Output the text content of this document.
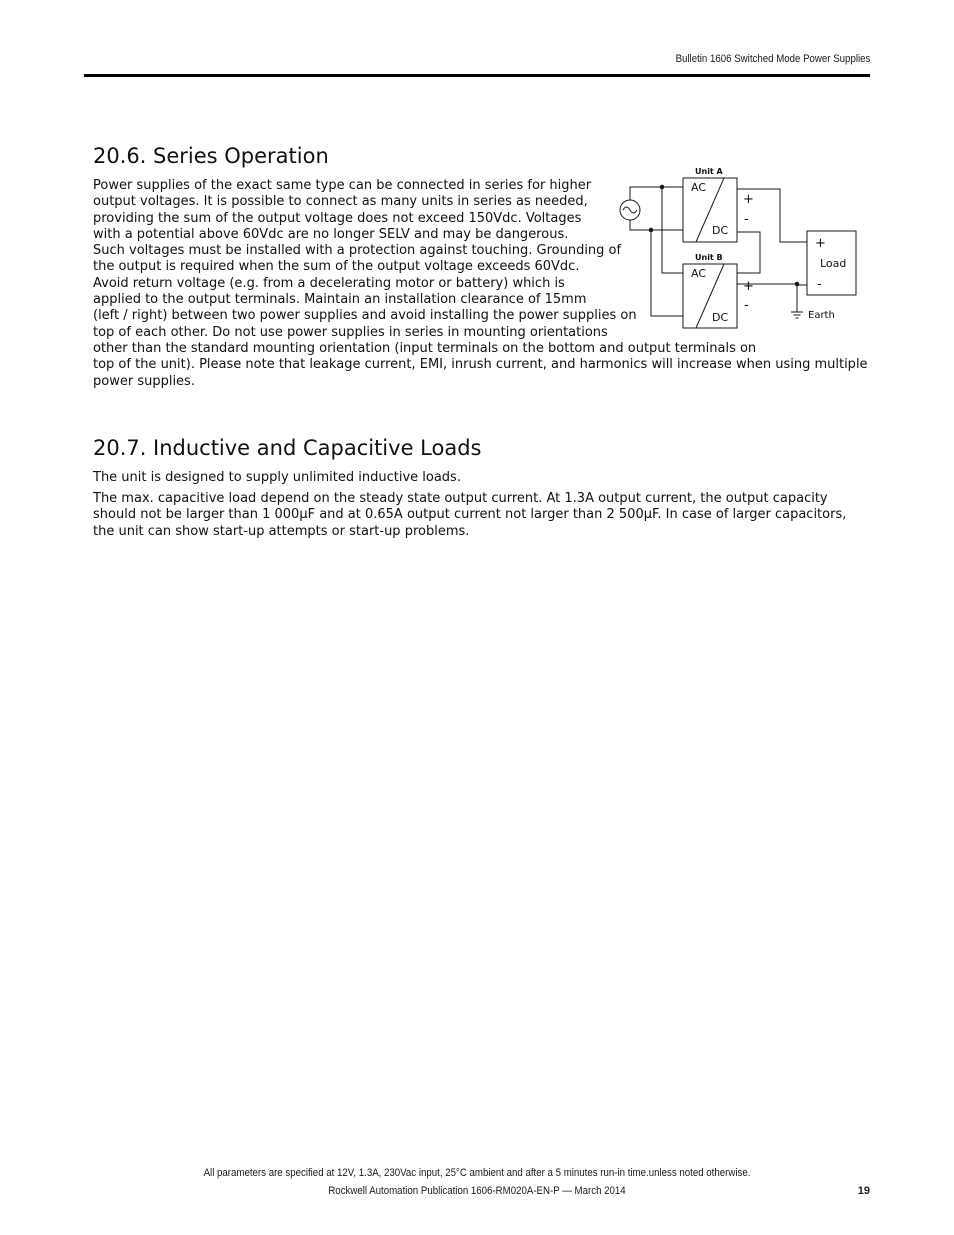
Bulletin 1606 Switched Mode Power Supplies
20.6. Series Operation
Power supplies of the exact same type can be connected in series for higher
output voltages. It is possible to connect as many units in series as needed,
providing the sum of the output voltage does not exceed 150Vdc. Voltages
with a potential above 60Vdc are no longer SELV and may be dangerous.
Such voltages must be installed with a protection against touching. Grounding of
the output is required when the sum of the output voltage exceeds 60Vdc.
Avoid return voltage (e.g. from a decelerating motor or battery) which is
applied to the output terminals. Maintain an installation clearance of 15mm
(left / right) between two power supplies and avoid installing the power supplies on
top of each other. Do not use power supplies in series in mounting orientations
other than the standard mounting orientation (input terminals on the bottom and output terminals on
top of the unit). Please note that leakage current, EMI, inrush current, and harmonics will increase when using multiple
power supplies.
Unit A
Unit B
AC
DC
AC
DC
+
-
+
-
+
Load
-
Earth
20.7. Inductive and Capacitive Loads
The unit is designed to supply unlimited inductive loads.
The max. capacitive load depend on the steady state output current. At 1.3A output current, the output capacity
should not be larger than 1 000µF and at 0.65A output current not larger than 2 500µF. In case of larger capacitors,
the unit can show start-up attempts or start-up problems.
All parameters are specified at 12V, 1.3A, 230Vac input, 25°C ambient and after a 5 minutes run-in time.unless noted otherwise.
Rockwell Automation Publication 1606-RM020A-EN-P — March 2014	19
